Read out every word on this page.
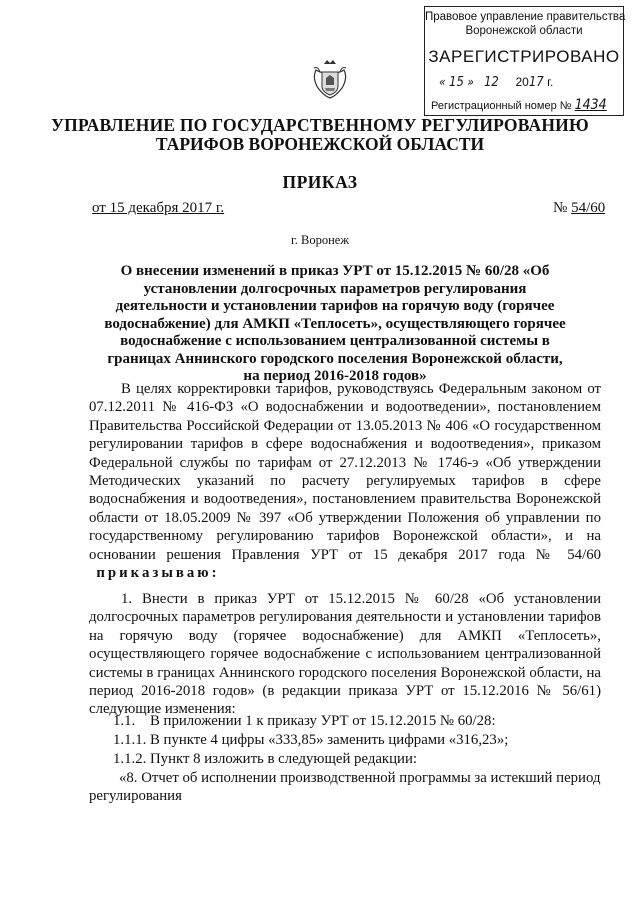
Правовое управление правительства
Воронежской области
ЗАРЕГИСТРИРОВАНО
« 15 » 12 2017 г.
Регистрационный номер № 1434
УПРАВЛЕНИЕ ПО ГОСУДАРСТВЕННОМУ РЕГУЛИРОВАНИЮ
ТАРИФОВ ВОРОНЕЖСКОЙ ОБЛАСТИ
ПРИКАЗ
от 15 декабря 2017 г.	№ 54/60
г. Воронеж
О внесении изменений в приказ УРТ от 15.12.2015 № 60/28 «Об установлении долгосрочных параметров регулирования деятельности и установлении тарифов на горячую воду (горячее водоснабжение) для АМКП «Теплосеть», осуществляющего горячее водоснабжение с использованием централизованной системы в границах Аннинского городского поселения Воронежской области, на период 2016-2018 годов»
В целях корректировки тарифов, руководствуясь Федеральным законом от 07.12.2011 № 416-ФЗ «О водоснабжении и водоотведении», постановлением Правительства Российской Федерации от 13.05.2013 № 406 «О государственном регулировании тарифов в сфере водоснабжения и водоотведения», приказом Федеральной службы по тарифам от 27.12.2013 № 1746-э «Об утверждении Методических указаний по расчету регулируемых тарифов в сфере водоснабжения и водоотведения», постановлением правительства Воронежской области от 18.05.2009 № 397 «Об утверждении Положения об управлении по государственному регулированию тарифов Воронежской области», и на основании решения Правления УРТ от 15 декабря 2017 года № 54/60   приказываю:
1. Внести в приказ УРТ от 15.12.2015 № 60/28 «Об установлении долгосрочных параметров регулирования деятельности и установлении тарифов на горячую воду (горячее водоснабжение) для АМКП «Теплосеть», осуществляющего горячее водоснабжение с использованием централизованной системы в границах Аннинского городского поселения Воронежской области, на период 2016-2018 годов» (в редакции приказа УРТ от 15.12.2016 № 56/61) следующие изменения:
1.1.    В приложении 1 к приказу УРТ от 15.12.2015 № 60/28:
1.1.1. В пункте 4 цифры «333,85» заменить цифрами «316,23»;
1.1.2. Пункт 8 изложить в следующей редакции:
«8. Отчет об исполнении производственной программы за истекший период регулирования
